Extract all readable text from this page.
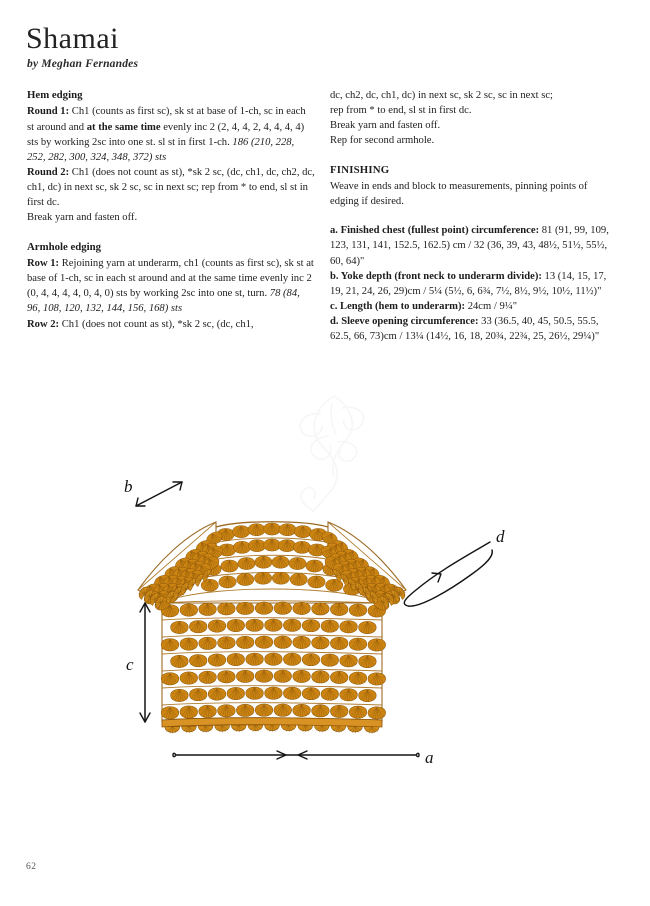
Shamai
by Meghan Fernandes
Hem edging

Round 1: Ch1 (counts as first sc), sk st at base of 1-ch, sc in each st around and at the same time evenly inc 2 (2, 4, 4, 2, 4, 4, 4, 4) sts by working 2sc into one st. sl st in first 1-ch. 186 (210, 228, 252, 282, 300, 324, 348, 372) sts

Round 2: Ch1 (does not count as st), *sk 2 sc, (dc, ch1, dc, ch2, dc, ch1, dc) in next sc, sk 2 sc, sc in next sc; rep from * to end, sl st in first dc.

Break yarn and fasten off.

Armhole edging

Row 1: Rejoining yarn at underarm, ch1 (counts as first sc), sk st at base of 1-ch, sc in each st around and at the same time evenly inc 2 (0, 4, 4, 4, 4, 0, 4, 0) sts by working 2sc into one st, turn. 78 (84, 96, 108, 120, 132, 144, 156, 168) sts

Row 2: Ch1 (does not count as st), *sk 2 sc, (dc, ch1,

dc, ch2, dc, ch1, dc) in next sc, sk 2 sc, sc in next sc;

rep from * to end, sl st in first dc.

Break yarn and fasten off.

Rep for second armhole.

FINISHING

Weave in ends and block to measurements, pinning points of edging if desired.

a. Finished chest (fullest point) circumference: 81 (91, 99, 109, 123, 131, 141, 152.5, 162.5) cm / 32 (36, 39, 43, 48½, 51½, 55½, 60, 64)"

b. Yoke depth (front neck to underarm divide): 13 (14, 15, 17, 19, 21, 24, 26, 29)cm / 5¼ (5½, 6, 6¾, 7½, 8½, 9½, 10½, 11½)"

c. Length (hem to underarm): 24cm / 9¼"

d. Sleeve opening circumference: 33 (36.5, 40, 45, 50.5, 55.5, 62.5, 66, 73)cm / 13¼ (14½, 16, 18, 20¾, 22¾, 25, 26½, 29¼)"

b
c
a
d
62
